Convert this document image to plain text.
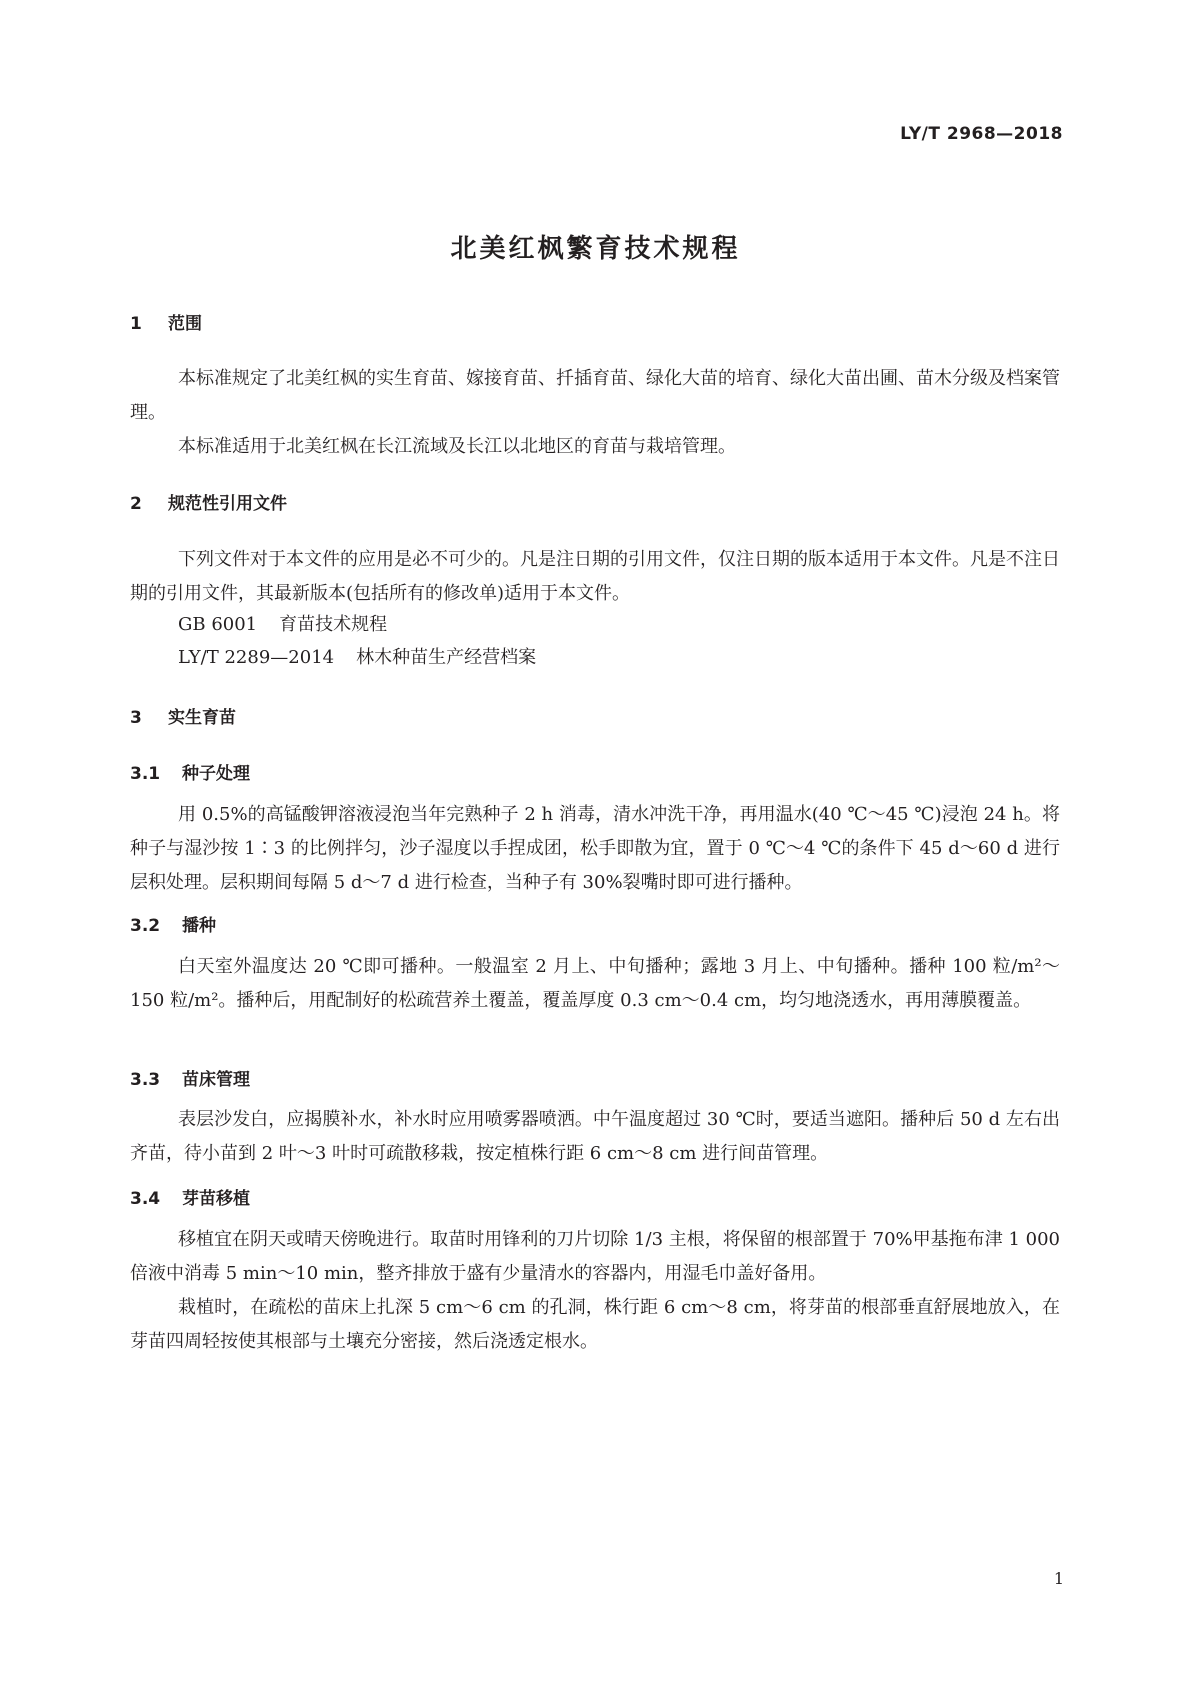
LY/T 2968—2018
北美红枫繁育技术规程
1 范围
本标准规定了北美红枫的实生育苗、嫁接育苗、扦插育苗、绿化大苗的培育、绿化大苗出圃、苗木分级及档案管理。
本标准适用于北美红枫在长江流域及长江以北地区的育苗与栽培管理。
2 规范性引用文件
下列文件对于本文件的应用是必不可少的。凡是注日期的引用文件，仅注日期的版本适用于本文件。凡是不注日期的引用文件，其最新版本(包括所有的修改单)适用于本文件。
GB 6001 育苗技术规程
LY/T 2289—2014 林木种苗生产经营档案
3 实生育苗
3.1 种子处理
用 0.5%的高锰酸钾溶液浸泡当年完熟种子 2 h 消毒，清水冲洗干净，再用温水(40 ℃～45 ℃)浸泡 24 h。将种子与湿沙按 1∶3 的比例拌匀，沙子湿度以手捏成团，松手即散为宜，置于 0 ℃～4 ℃的条件下 45 d～60 d 进行层积处理。层积期间每隔 5 d～7 d 进行检查，当种子有 30%裂嘴时即可进行播种。
3.2 播种
白天室外温度达 20 ℃即可播种。一般温室 2 月上、中旬播种；露地 3 月上、中旬播种。播种 100 粒/m²～150 粒/m²。播种后，用配制好的松疏营养土覆盖，覆盖厚度 0.3 cm～0.4 cm，均匀地浇透水，再用薄膜覆盖。
3.3 苗床管理
表层沙发白，应揭膜补水，补水时应用喷雾器喷洒。中午温度超过 30 ℃时，要适当遮阳。播种后 50 d 左右出齐苗，待小苗到 2 叶～3 叶时可疏散移栽，按定植株行距 6 cm～8 cm 进行间苗管理。
3.4 芽苗移植
移植宜在阴天或晴天傍晚进行。取苗时用锋利的刀片切除 1/3 主根，将保留的根部置于 70%甲基拖布津 1 000 倍液中消毒 5 min～10 min，整齐排放于盛有少量清水的容器内，用湿毛巾盖好备用。
栽植时，在疏松的苗床上扎深 5 cm～6 cm 的孔洞，株行距 6 cm～8 cm，将芽苗的根部垂直舒展地放入，在芽苗四周轻按使其根部与土壤充分密接，然后浇透定根水。
1
